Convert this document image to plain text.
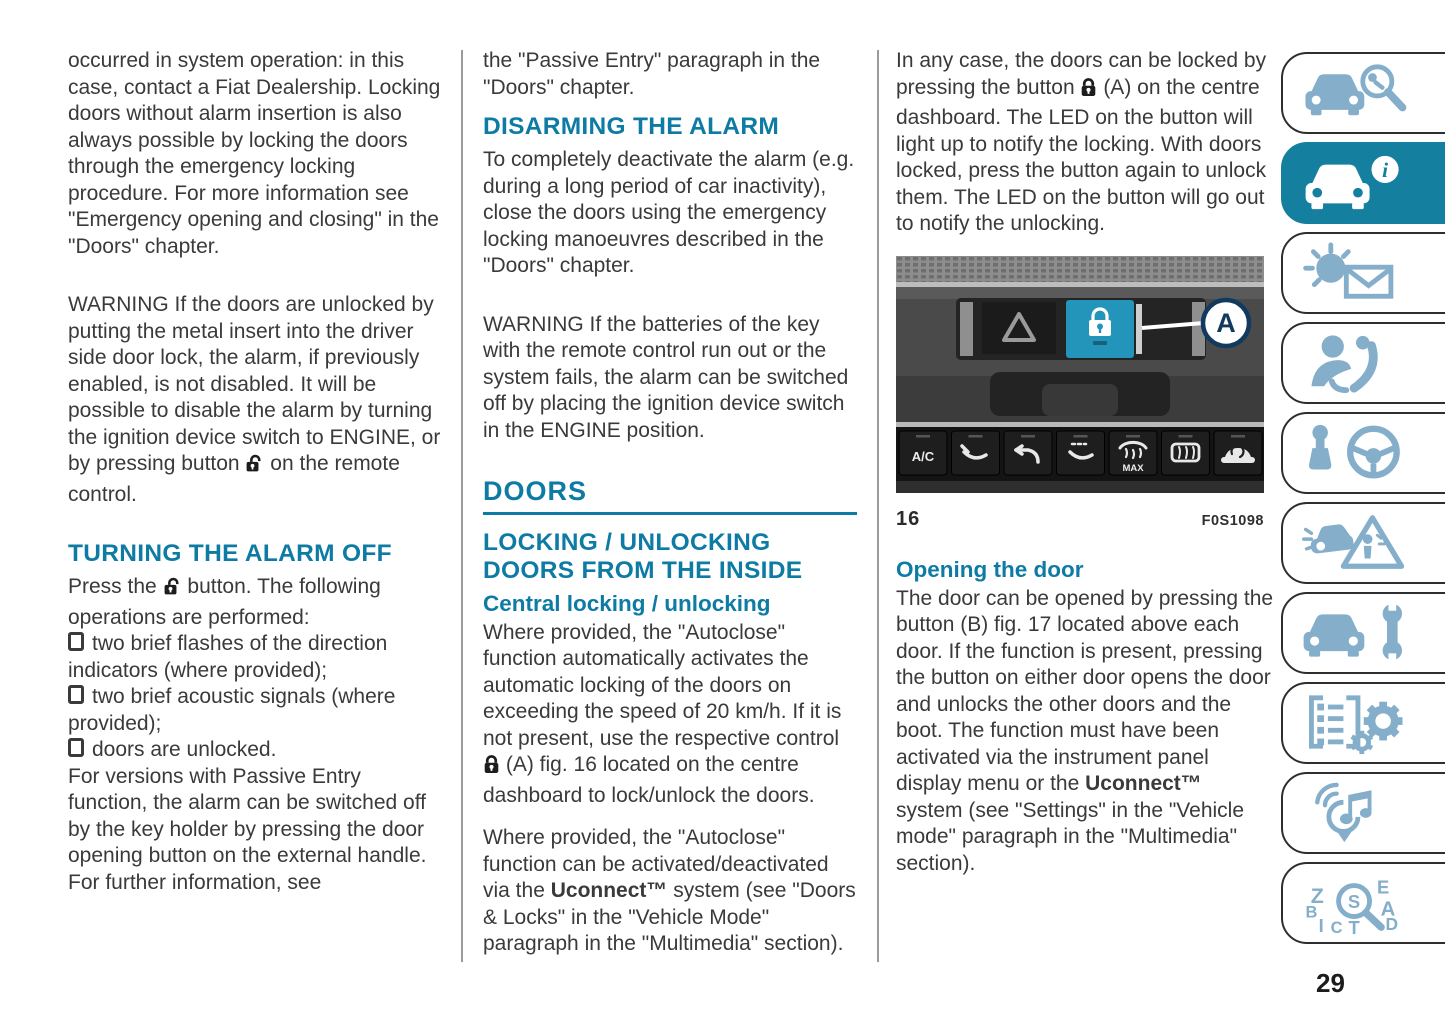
occurred in system operation: in this case, contact a Fiat Dealership. Locking doors without alarm insertion is also always possible by locking the doors through the emergency locking procedure. For more information see "Emergency opening and closing" in the "Doors" chapter.

WARNING If the doors are unlocked by putting the metal insert into the driver side door lock, the alarm, if previously enabled, is not disabled. It will be possible to disable the alarm by turning the ignition device switch to ENGINE, or by pressing button on the remote control.

TURNING THE ALARM OFF

Press the button. The following operations are performed:

two brief flashes of the direction indicators (where provided);

two brief acoustic signals (where provided);

doors are unlocked.

For versions with Passive Entry function, the alarm can be switched off by the key holder by pressing the door opening button on the external handle. For further information, see

the "Passive Entry" paragraph in the "Doors" chapter.

DISARMING THE ALARM

To completely deactivate the alarm (e.g. during a long period of car inactivity), close the doors using the emergency locking manoeuvres described in the "Doors" chapter.

WARNING If the batteries of the key with the remote control run out or the system fails, the alarm can be switched off by placing the ignition device switch in the ENGINE position.

DOORS
LOCKING / UNLOCKING DOORS FROM THE INSIDE
Central locking / unlocking

Where provided, the "Autoclose" function automatically activates the automatic locking of the doors on exceeding the speed of 20 km/h. If it is not present, use the respective control  (A) fig. 16 located on the centre dashboard to lock/unlock the doors.

Where provided, the "Autoclose" function can be activated/deactivated via the Uconnect™ system (see "Doors & Locks" in the "Vehicle Mode" paragraph in the "Multimedia" section).

In any case, the doors can be locked by pressing the button (A) on the centre dashboard. The LED on the button will light up to notify the locking. With doors locked, press the button again to unlock them. The LED on the button will go out to notify the unlocking.

A
A/C
MAX
16	F0S1098
Opening the door

The door can be opened by pressing the button (B) fig. 17 located above each door. If the function is present, pressing the button on either door opens the door and unlocks the other doors and the boot. The function must have been activated via the instrument panel display menu or the Uconnect™ system (see "Settings" in the "Vehicle mode" paragraph in the "Multimedia" section).

i
Z	E
B	A
I C T D
S
29
